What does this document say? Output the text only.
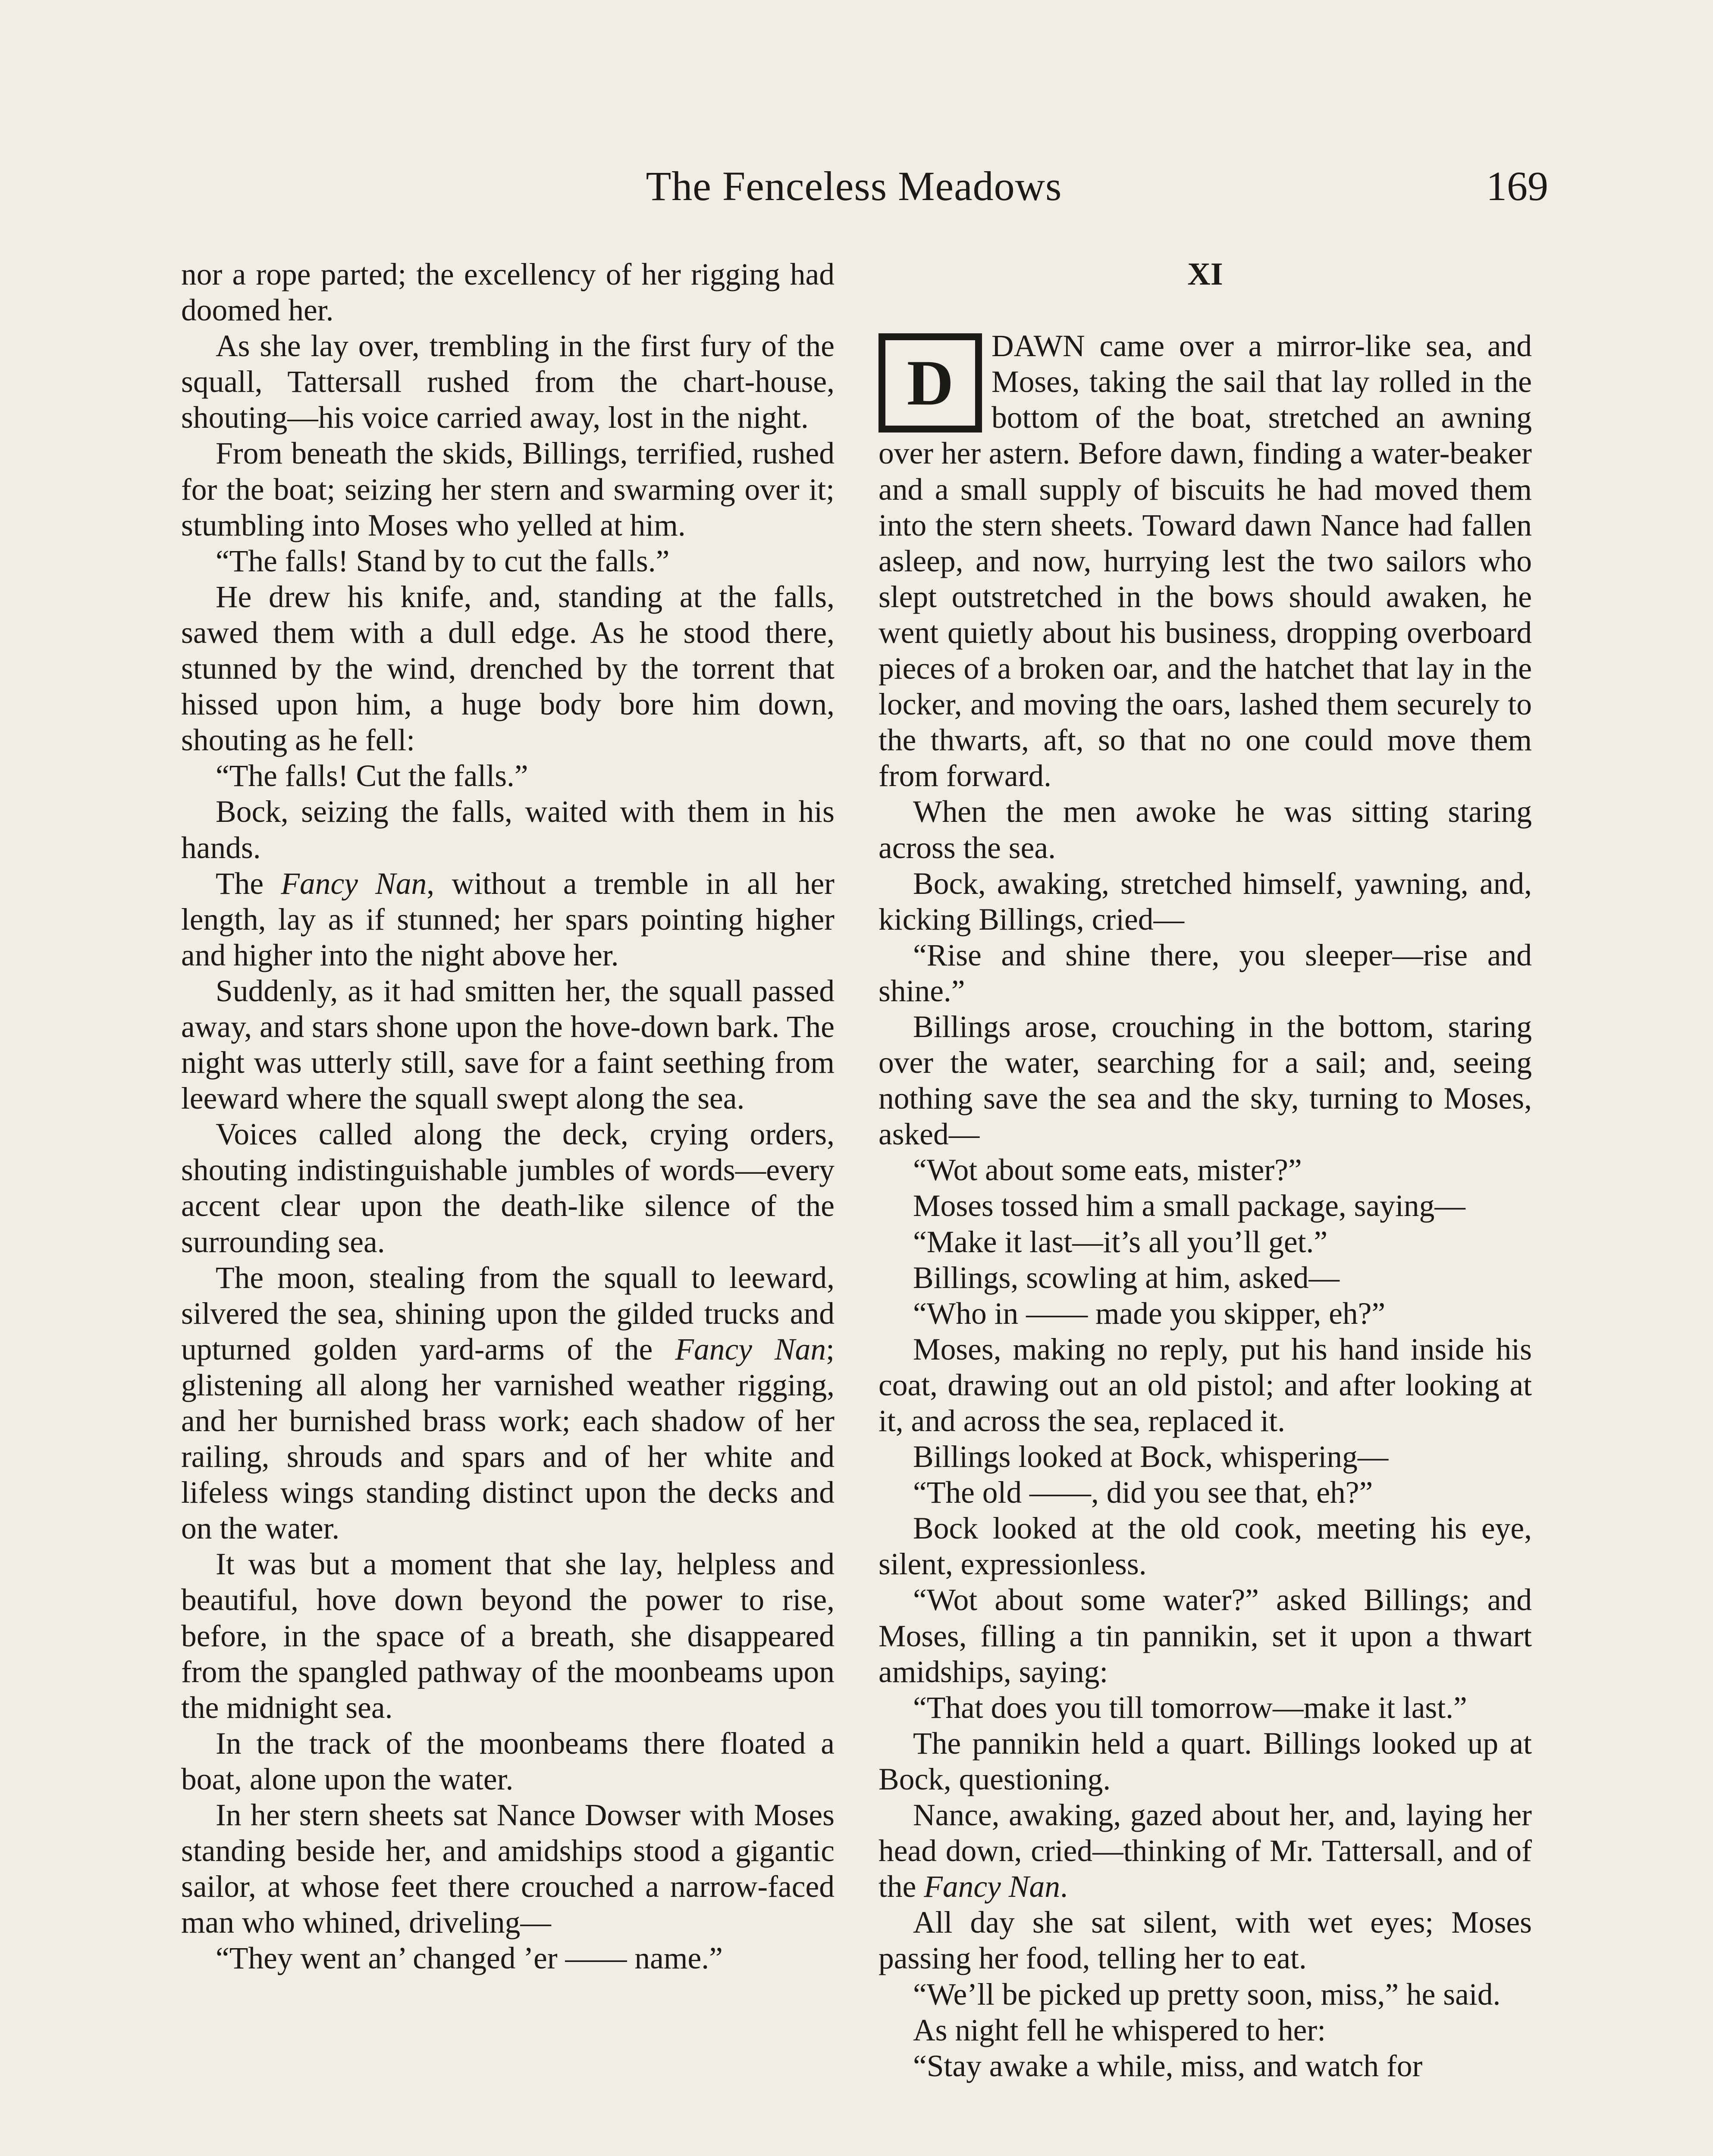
The Fenceless Meadows	169

nor a rope parted; the excellency of her rigging had doomed her.

As she lay over, trembling in the first fury of the squall, Tattersall rushed from the chart-house, shouting—his voice carried away, lost in the night.

From beneath the skids, Billings, terrified, rushed for the boat; seizing her stern and swarming over it; stumbling into Moses who yelled at him.

“The falls! Stand by to cut the falls.”

He drew his knife, and, standing at the falls, sawed them with a dull edge. As he stood there, stunned by the wind, drenched by the torrent that hissed upon him, a huge body bore him down, shouting as he fell:

“The falls! Cut the falls.”

Bock, seizing the falls, waited with them in his hands.

The Fancy Nan, without a tremble in all her length, lay as if stunned; her spars pointing higher and higher into the night above her.

Suddenly, as it had smitten her, the squall passed away, and stars shone upon the hove-down bark. The night was utterly still, save for a faint seething from leeward where the squall swept along the sea.

Voices called along the deck, crying orders, shouting indistinguishable jumbles of words—every accent clear upon the death-like silence of the surrounding sea.

The moon, stealing from the squall to leeward, silvered the sea, shining upon the gilded trucks and upturned golden yard-arms of the Fancy Nan; glistening all along her varnished weather rigging, and her burnished brass work; each shadow of her railing, shrouds and spars and of her white and lifeless wings standing distinct upon the decks and on the water.

It was but a moment that she lay, helpless and beautiful, hove down beyond the power to rise, before, in the space of a breath, she disappeared from the spangled pathway of the moonbeams upon the midnight sea.

In the track of the moonbeams there floated a boat, alone upon the water.

In her stern sheets sat Nance Dowser with Moses standing beside her, and amidships stood a gigantic sailor, at whose feet there crouched a narrow-faced man who whined, driveling—

“They went an’ changed ’er —— name.”

XI
D

DAWN came over a mirror-like sea, and Moses, taking the sail that lay rolled in the bottom of the boat, stretched an awning over her astern. Before dawn, finding a water-beaker and a small supply of biscuits he had moved them into the stern sheets. Toward dawn Nance had fallen asleep, and now, hurrying lest the two sailors who slept outstretched in the bows should awaken, he went quietly about his business, dropping overboard pieces of a broken oar, and the hatchet that lay in the locker, and moving the oars, lashed them securely to the thwarts, aft, so that no one could move them from forward.

When the men awoke he was sitting staring across the sea.

Bock, awaking, stretched himself, yawning, and, kicking Billings, cried—

“Rise and shine there, you sleeper—rise and shine.”

Billings arose, crouching in the bottom, staring over the water, searching for a sail; and, seeing nothing save the sea and the sky, turning to Moses, asked—

“Wot about some eats, mister?”

Moses tossed him a small package, saying—

“Make it last—it’s all you’ll get.”

Billings, scowling at him, asked—

“Who in —— made you skipper, eh?”

Moses, making no reply, put his hand inside his coat, drawing out an old pistol; and after looking at it, and across the sea, replaced it.

Billings looked at Bock, whispering—

“The old ——, did you see that, eh?”

Bock looked at the old cook, meeting his eye, silent, expressionless.

“Wot about some water?” asked Billings; and Moses, filling a tin pannikin, set it upon a thwart amidships, saying:

“That does you till tomorrow—make it last.”

The pannikin held a quart. Billings looked up at Bock, questioning.

Nance, awaking, gazed about her, and, laying her head down, cried—thinking of Mr. Tattersall, and of the Fancy Nan.

All day she sat silent, with wet eyes; Moses passing her food, telling her to eat.

“We’ll be picked up pretty soon, miss,” he said.

As night fell he whispered to her:

“Stay awake a while, miss, and watch for
